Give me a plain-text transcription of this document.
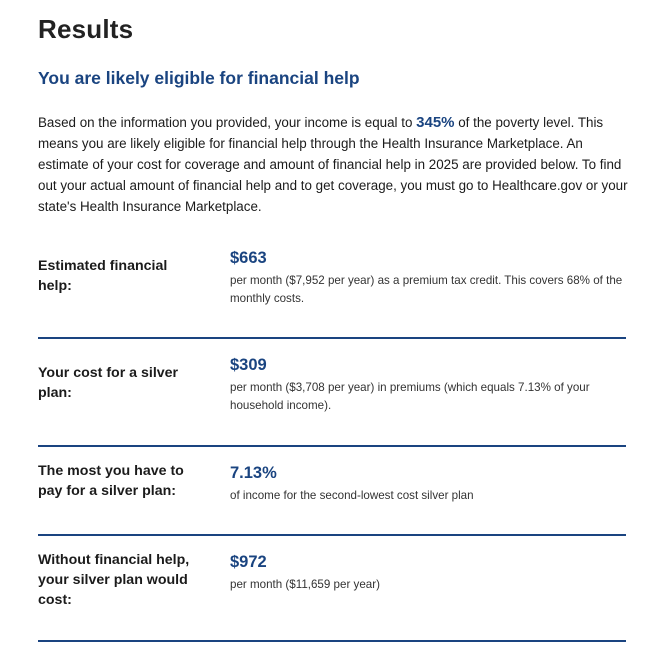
Results
You are likely eligible for financial help

Based on the information you provided, your income is equal to 345% of the poverty level. This means you are likely eligible for financial help through the Health Insurance Marketplace. An estimate of your cost for coverage and amount of financial help in 2025 are provided below. To find out your actual amount of financial help and to get coverage, you must go to Healthcare.gov or your state's Health Insurance Marketplace.

Estimated financial help:
$663
per month ($7,952 per year) as a premium tax credit. This covers 68% of the monthly costs.
Your cost for a silver plan:
$309
per month ($3,708 per year) in premiums (which equals 7.13% of your household income).
The most you have to pay for a silver plan:
7.13%
of income for the second-lowest cost silver plan
Without financial help, your silver plan would cost:
$972
per month ($11,659 per year)
